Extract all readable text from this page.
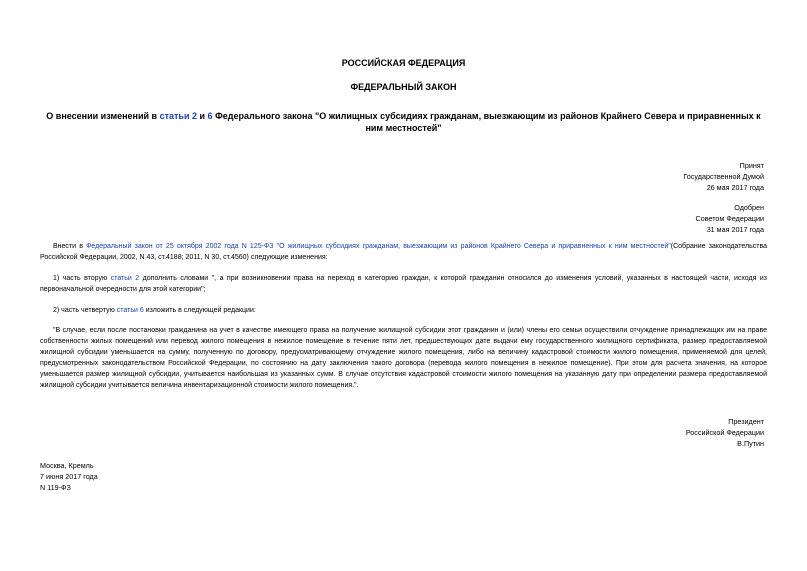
РОССИЙСКАЯ ФЕДЕРАЦИЯ
ФЕДЕРАЛЬНЫЙ ЗАКОН
О внесении изменений в статьи 2 и 6 Федерального закона "О жилищных субсидиях гражданам, выезжающим из районов Крайнего Севера и приравненных к ним местностей"
Принят
Государственной Думой
26 мая 2017 года
Одобрен
Советом Федерации
31 мая 2017 года
Внести в Федеральный закон от 25 октября 2002 года N 125-ФЗ "О жилищных субсидиях гражданам, выезжающим из районов Крайнего Севера и приравненных к ним местностей"(Собрание законодательства Российской Федерации, 2002, N 43, ст.4188; 2011, N 30, ст.4560) следующие изменения:
1) часть вторую статьи 2 дополнить словами ", а при возникновении права на переход в категорию граждан, к которой гражданин относился до изменения условий, указанных в настоящей части, исходя из первоначальной очередности для этой категории";
2) часть четвертую статьи 6 изложить в следующей редакции:
"В случае, если после постановки гражданина на учет в качестве имеющего права на получение жилищной субсидии этот гражданин и (или) члены его семьи осуществили отчуждение принадлежащих им на праве собственности жилых помещений или перевод жилого помещения в нежилое помещение в течение пяти лет, предшествующих дате выдачи ему государственного жилищного сертификата, размер предоставляемой жилищной субсидии уменьшается на сумму, полученную по договору, предусматривающему отчуждение жилого помещения, либо на величину кадастровой стоимости жилого помещения, применяемой для целей, предусмотренных законодательством Российской Федерации, по состоянию на дату заключения такого договора (перевода жилого помещения в нежилое помещение). При этом для расчета значения, на которое уменьшается размер жилищной субсидии, учитывается наибольшая из указанных сумм. В случае отсутствия кадастровой стоимости жилого помещения на указанную дату при определении размера предоставляемой жилищной субсидии учитывается величина инвентаризационной стоимости жилого помещения.".
Президент
Российской Федерации
В.Путин
Москва, Кремль
7 июня 2017 года
N 119-ФЗ
